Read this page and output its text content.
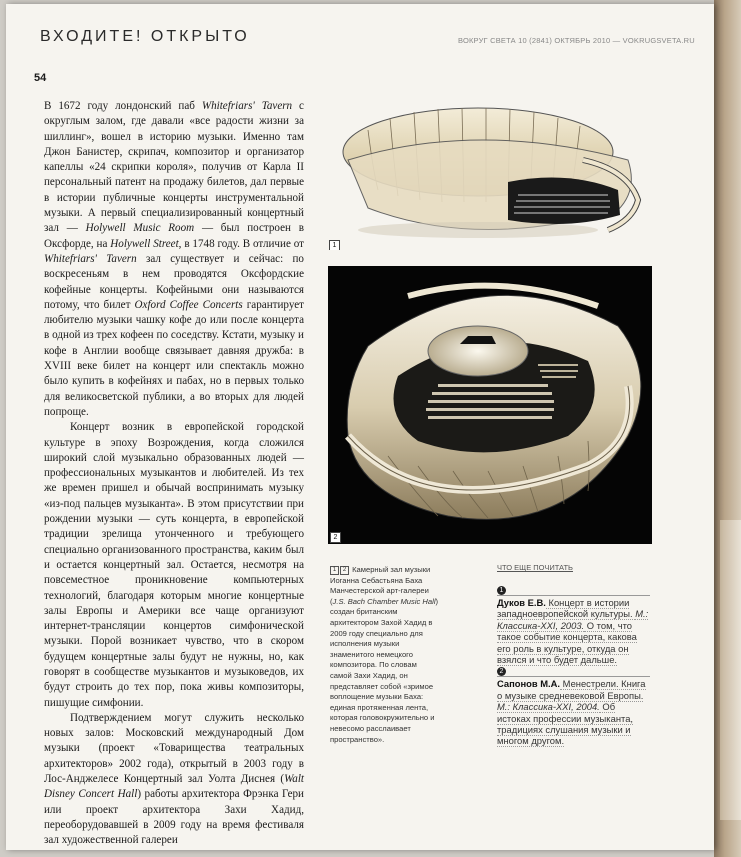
ВХОДИТЕ! ОТКРЫТО	ВОКРУГ СВЕТА 10 (2841) ОКТЯБРЬ 2010 — VOKRUGSVETA.RU
54

В 1672 году лондонский паб Whitefriars' Tavern с округлым залом, где давали «все радости жизни за шиллинг», вошел в историю музыки. Именно там Джон Банистер, скрипач, композитор и организатор капеллы «24 скрипки короля», получив от Карла II персональный патент на продажу билетов, дал первые в истории публичные концерты инструментальной музыки. А первый специализированный концертный зал — Holywell Music Room — был построен в Оксфорде, на Holywell Street, в 1748 году. В отличие от Whitefriars' Tavern зал существует и сейчас: по воскресеньям в нем проводятся Оксфордские кофейные концерты. Кофейными они называются потому, что билет Oxford Coffee Concerts гарантирует любителю музыки чашку кофе до или после концерта в одной из трех кофеен по соседству. Кстати, музыку и кофе в Англии вообще связывает давняя дружба: в XVIII веке билет на концерт или спектакль можно было купить в кофейнях и пабах, но в первых только для великосветской публики, а во вторых для людей попроще.

Концерт возник в европейской городской культуре в эпоху Возрождения, когда сложился широкий слой музыкально образованных людей — профессиональных музыкантов и любителей. Из тех же времен пришел и обычай воспринимать музыку «из-под пальцев музыканта». В этом присутствии при рождении музыки — суть концерта, в европейской традиции зрелища утонченного и требующего специально организованного пространства, каким был и остается концертный зал. Остается, несмотря на повсеместное проникновение компьютерных технологий, благодаря которым многие концертные залы Европы и Америки все чаще организуют интернет-трансляции концертов симфонической музыки. Порой возникает чувство, что в скором будущем концертные залы будут не нужны, но, как говорят в сообществе музыкантов и музыковедов, их будут строить до тех пор, пока живы композиторы, пишущие симфонии.

Подтверждением могут служить несколько новых залов: Московский международный Дом музыки (проект «Товарищества театральных архитекторов» 2002 года), открытый в 2003 году в Лос-Анджелесе Концертный зал Уолта Диснея (Walt Disney Concert Hall) работы архитектора Фрэнка Гери или проект архитектора Захи Хадид, переоборудовавшей в 2009 году на время фестиваля зал художественной галереи

1
2
1 2 Камерный зал музыки Иоганна Себастьяна Баха Манчестерской арт-галереи (J.S. Bach Chamber Music Hall) создан британским архитектором Захой Хадид в 2009 году специально для исполнения музыки знаменитого немецкого композитора. По словам самой Захи Хадид, он представляет собой «зримое воплощение музыки Баха: единая протяженная лента, которая головокружительно и невесомо расслаивает пространство».
ЧТО ЕЩЕ ПОЧИТАТЬ
1
Дуков Е.В. Концерт в истории западноевропейской культуры. М.: Классика-XXI, 2003. О том, что такое событие концерта, какова его роль в культуре, откуда он взялся и что будет дальше.
2
Сапонов М.А. Менестрели. Книга о музыке средневековой Европы. М.: Классика-XXI, 2004. Об истоках профессии музыканта, традициях слушания музыки и многом другом.
